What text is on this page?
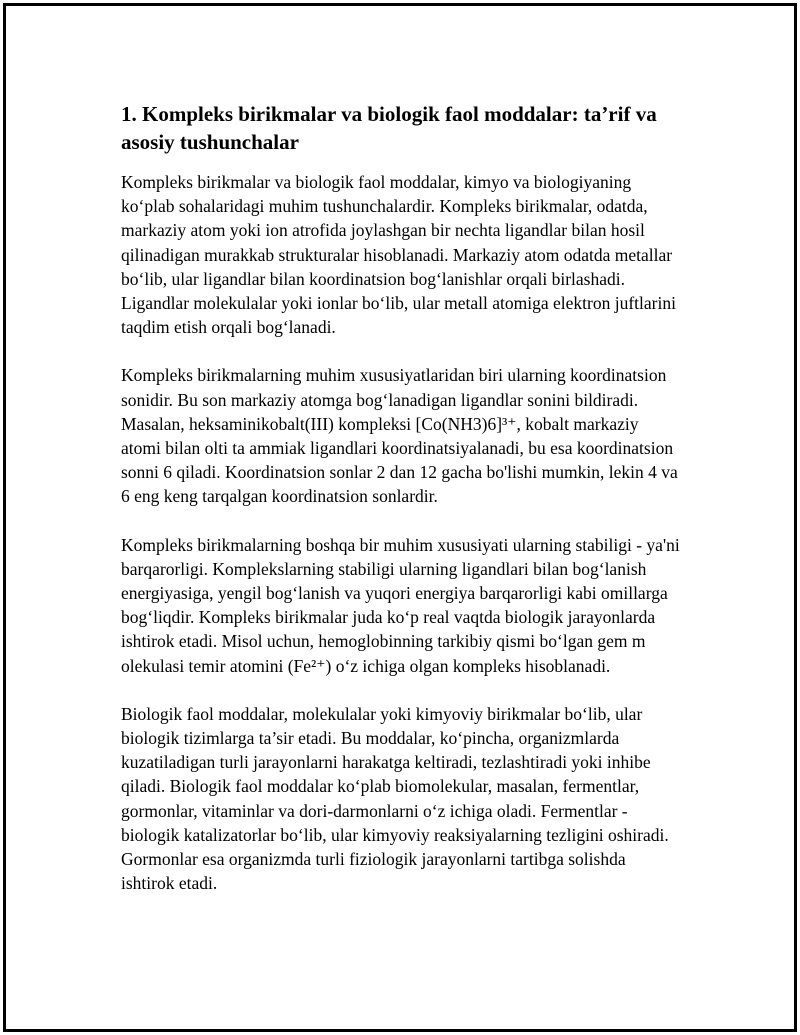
1. Kompleks birikmalar va biologik faol moddalar: ta’rif va asosiy tushunchalar

Kompleks birikmalar va biologik faol moddalar, kimyo va biologiyaning ko‘plab sohalaridagi muhim tushunchalardir. Kompleks birikmalar, odatda, markaziy atom yoki ion atrofida joylashgan bir nechta ligandlar bilan hosil qilinadigan murakkab strukturalar hisoblanadi. Markaziy atom odatda metallar bo‘lib, ular ligandlar bilan koordinatsion bog‘lanishlar orqali birlashadi. Ligandlar molekulalar yoki ionlar bo‘lib, ular metall atomiga elektron juftlarini taqdim etish orqali bog‘lanadi.

Kompleks birikmalarning muhim xususiyatlaridan biri ularning koordinatsion sonidir. Bu son markaziy atomga bog‘lanadigan ligandlar sonini bildiradi. Masalan, heksaminikobalt(III) kompleksi [Co(NH3)6]³⁺, kobalt markaziy atomi bilan olti ta ammiak ligandlari koordinatsiyalanadi, bu esa koordinatsion sonni 6 qiladi. Koordinatsion sonlar 2 dan 12 gacha bo'lishi mumkin, lekin 4 va 6 eng keng tarqalgan koordinatsion sonlardir.

Kompleks birikmalarning boshqa bir muhim xususiyati ularning stabiligi - ya'ni barqarorligi. Komplekslarning stabiligi ularning ligandlari bilan bog‘lanish energiyasiga, yengil bog‘lanish va yuqori energiya barqarorligi kabi omillarga bog‘liqdir. Kompleks birikmalar juda ko‘p real vaqtda biologik jarayonlarda ishtirok etadi. Misol uchun, hemoglobinning tarkibiy qismi bo‘lgan gem m olekulasi temir atomini (Fe²⁺) o‘z ichiga olgan kompleks hisoblanadi.

Biologik faol moddalar, molekulalar yoki kimyoviy birikmalar bo‘lib, ular biologik tizimlarga ta’sir etadi. Bu moddalar, ko‘pincha, organizmlarda kuzatiladigan turli jarayonlarni harakatga keltiradi, tezlashtiradi yoki inhibe qiladi. Biologik faol moddalar ko‘plab biomolekular, masalan, fermentlar, gormonlar, vitaminlar va dori-darmonlarni o‘z ichiga oladi. Fermentlar - biologik katalizatorlar bo‘lib, ular kimyoviy reaksiyalarning tezligini oshiradi. Gormonlar esa organizmda turli fiziologik jarayonlarni tartibga solishda ishtirok etadi.
